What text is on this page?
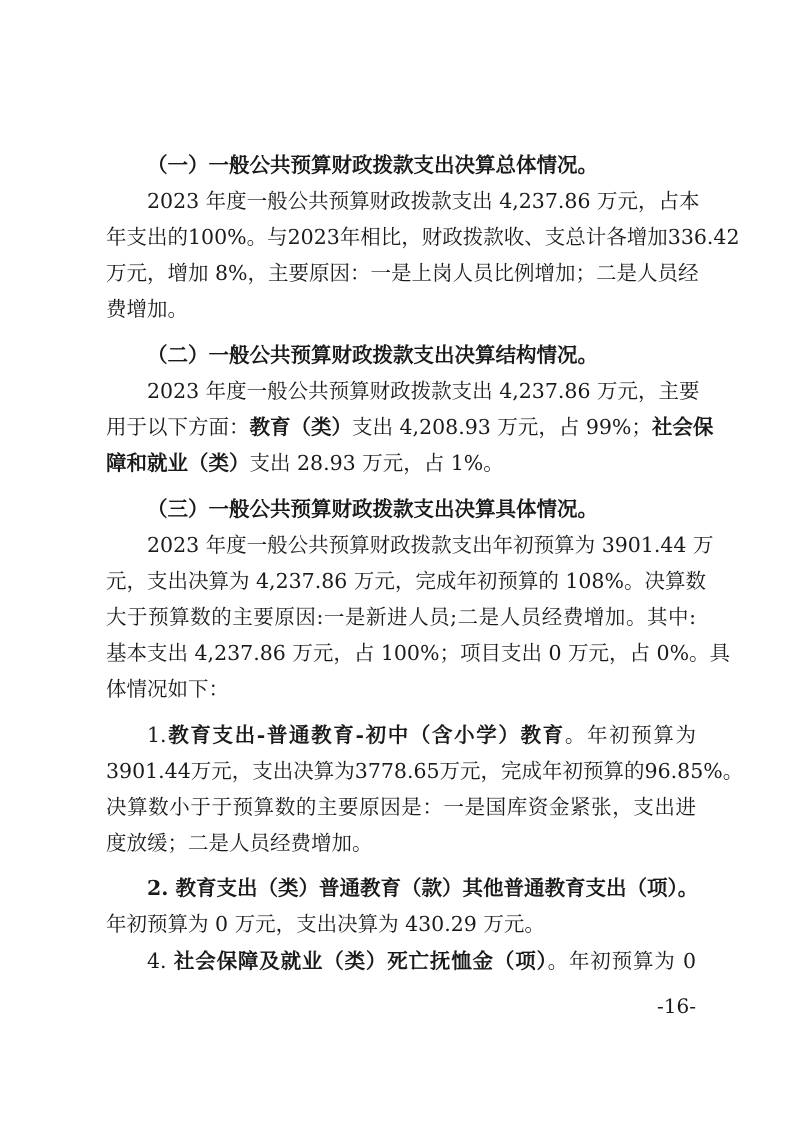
（一）一般公共预算财政拨款支出决算总体情况。
2023 年度一般公共预算财政拨款支出 4,237.86 万元，占本
年支出的100%。与2023年相比，财政拨款收、支总计各增加336.42
万元，增加 8%，主要原因：一是上岗人员比例增加；二是人员经
费增加。
（二）一般公共预算财政拨款支出决算结构情况。
2023 年度一般公共预算财政拨款支出 4,237.86 万元，主要
用于以下方面：教育（类）支出 4,208.93 万元，占 99%；社会保
障和就业（类）支出 28.93 万元，占 1%。
（三）一般公共预算财政拨款支出决算具体情况。
2023 年度一般公共预算财政拨款支出年初预算为 3901.44 万
元，支出决算为 4,237.86 万元，完成年初预算的 108%。决算数
大于预算数的主要原因:一是新进人员;二是人员经费增加。其中:
基本支出 4,237.86 万元，占 100%；项目支出 0 万元，占 0%。具
体情况如下：
1.教育支出-普通教育-初中（含小学）教育。年初预算为
3901.44万元，支出决算为3778.65万元，完成年初预算的96.85%。
决算数小于于预算数的主要原因是：一是国库资金紧张，支出进
度放缓；二是人员经费增加。
2. 教育支出（类）普通教育（款）其他普通教育支出（项）。
年初预算为 0 万元，支出决算为 430.29 万元。
4. 社会保障及就业（类）死亡抚恤金（项）。年初预算为 0
-16-
